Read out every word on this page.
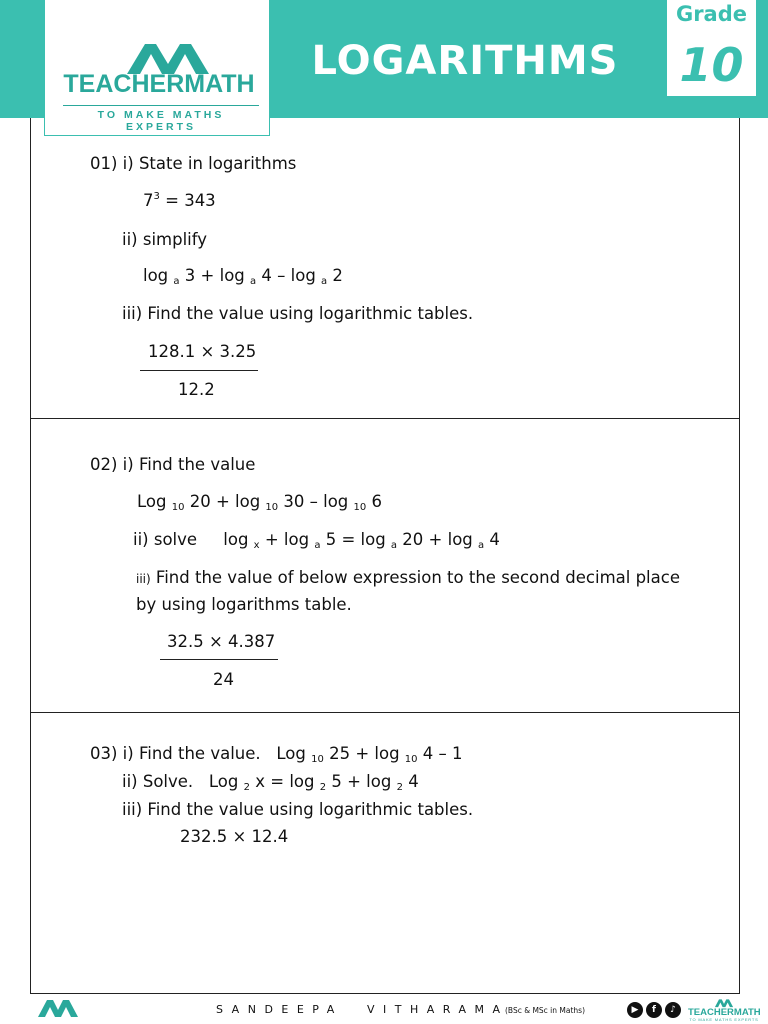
TEACHERMATH
TO MAKE MATHS EXPERTS
LOGARITHMS
Grade
10
01) i) State in logarithms
$7^3 = 343$
ii) simplify
log $_a$ 3 + log $_a$ 4 – log $_a$ 2
iii) Find the value using logarithmic tables.
128.1 × 3.25
12.2
02) i) Find the value
Log $_{10}$ 20 + log $_{10}$ 30 – log $_{10}$ 6
ii) solve     log $_x$ + log $_a$ 5 = log $_a$ 20 + log $_a$ 4
iii) Find the value of below expression to the second decimal place
by using logarithms table.
32.5 × 4.387
24
03) i) Find the value.   Log $_{10}$ 25 + log $_{10}$ 4 – 1
ii) Solve.   Log $_2$ x = log $_2$ 5 + log $_2$ 4
iii) Find the value using logarithmic tables.
232.5 × 12.4
SANDEEPA VITHARAMA
(BSc & MSc in Maths)	▶	f	♪	TEACHERMATH
TO MAKE MATHS EXPERTS
